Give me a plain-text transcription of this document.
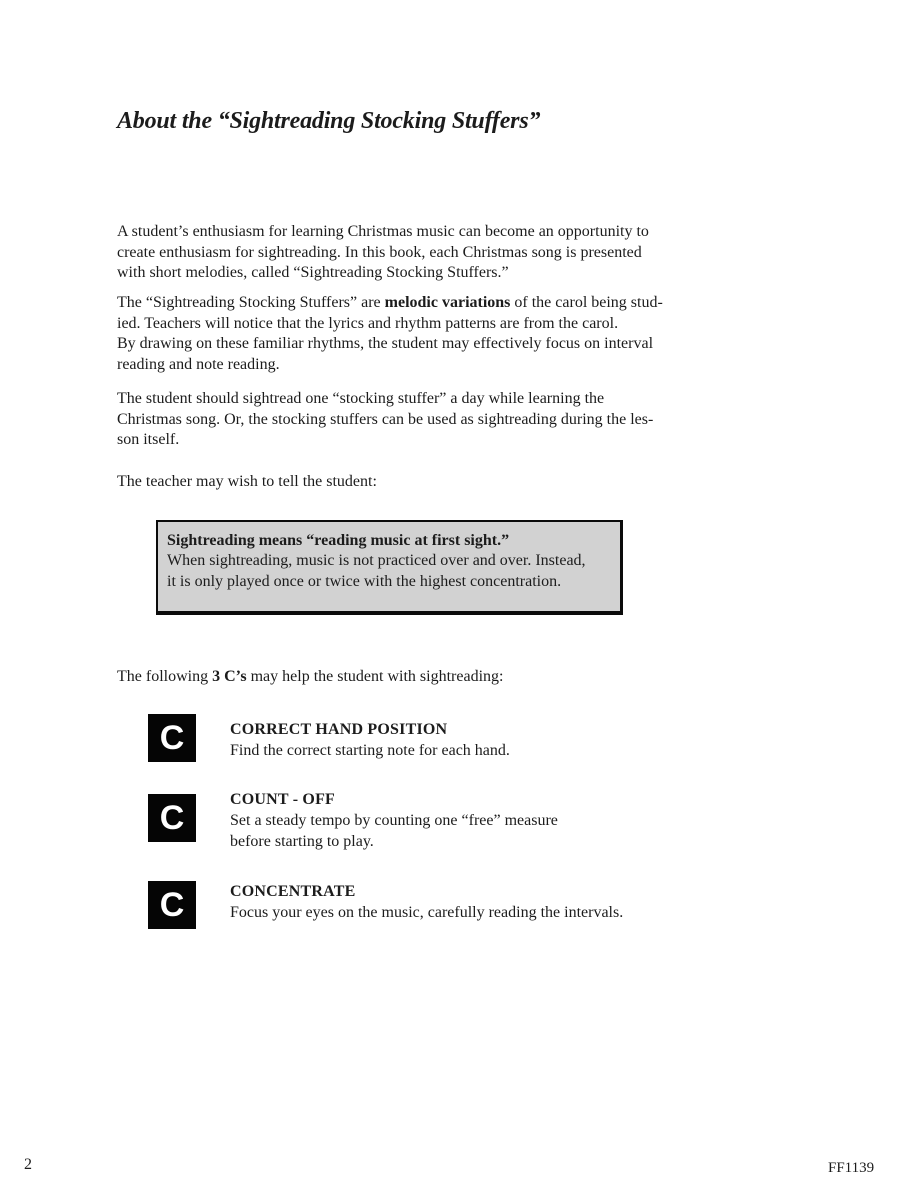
About the “Sightreading Stocking Stuffers”
A student’s enthusiasm for learning Christmas music can become an opportunity to
create enthusiasm for sightreading. In this book, each Christmas song is presented
with short melodies, called “Sightreading Stocking Stuffers.”
The “Sightreading Stocking Stuffers” are melodic variations of the carol being stud-
ied. Teachers will notice that the lyrics and rhythm patterns are from the carol.
By drawing on these familiar rhythms, the student may effectively focus on interval
reading and note reading.
The student should sightread one “stocking stuffer” a day while learning the
Christmas song. Or, the stocking stuffers can be used as sightreading during the les-
son itself.
The teacher may wish to tell the student:
Sightreading means “reading music at first sight.”
When sightreading, music is not practiced over and over. Instead,
it is only played once or twice with the highest concentration.
The following 3 C’s may help the student with sightreading:
C	CORRECT HAND POSITION
Find the correct starting note for each hand.
C	COUNT - OFF
Set a steady tempo by counting one “free” measure
before starting to play.
C	CONCENTRATE
Focus your eyes on the music, carefully reading the intervals.
2	FF1139
